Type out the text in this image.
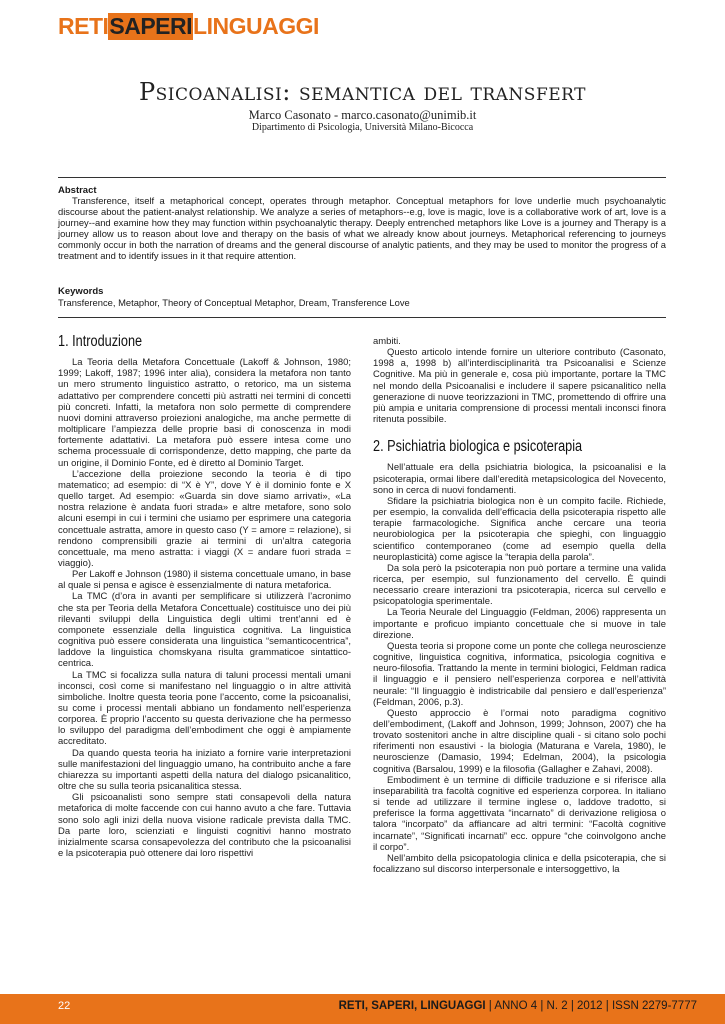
RETI SAPERI LINGUAGGI
Psicoanalisi: semantica del transfert
Marco Casonato - marco.casonato@unimib.it
Dipartimento di Psicologia, Università Milano-Bicocca
Abstract
Transference, itself a metaphorical concept, operates through metaphor. Conceptual metaphors for love underlie much psychoanalytic discourse about the patient-analyst relationship. We analyze a series of metaphors--e.g, love is magic, love is a collaborative work of art, love is a journey--and examine how they may function within psychoanalytic therapy. Deeply entrenched metaphors like Love is a journey and Therapy is a journey allow us to reason about love and therapy on the basis of what we already know about journeys. Metaphorical referencing to journeys commonly occur in both the narration of dreams and the general discourse of analytic patients, and they may be used to monitor the progress of a treatment and to identify issues in it that require attention.
Keywords
Transference, Metaphor, Theory of Conceptual Metaphor, Dream, Transference Love
1. Introduzione

La Teoria della Metafora Concettuale (Lakoff & Johnson, 1980; 1999; Lakoff, 1987; 1996 inter alia), considera la metafora non tanto un mero strumento linguistico astratto, o retorico, ma un sistema adattativo per comprendere concetti più astratti nei termini di concetti più concreti. Infatti, la metafora non solo permette di comprendere nuovi domini attraverso proiezioni analogiche, ma anche permette di moltiplicare l’ampiezza delle proprie basi di conoscenza in modi fortemente adattativi. La metafora può essere intesa come uno schema processuale di corrispondenze, detto mapping, che parte da un origine, il Dominio Fonte, ed è diretto al Dominio Target.

L’accezione della proiezione secondo la teoria è di tipo matematico; ad esempio: di “X è Y”, dove Y è il dominio fonte e X quello target. Ad esempio: «Guarda sin dove siamo arrivati», «La nostra relazione è andata fuori strada» e altre metafore, sono solo alcuni esempi in cui i termini che usiamo per esprimere una categoria concettuale astratta, amore in questo caso (Y = amore = relazione), si rendono comprensibili grazie ai termini di un’altra categoria concettuale, ma meno astratta: i viaggi (X = andare fuori strada = viaggio).

Per Lakoff e Johnson (1980) il sistema concettuale umano, in base al quale si pensa e agisce è essenzialmente di natura metaforica.

La TMC (d’ora in avanti per semplificare si utilizzerà l’acronimo che sta per Teoria della Metafora Concettuale) costituisce uno dei più rilevanti sviluppi della Linguistica degli ultimi trent’anni ed è componete essenziale della linguistica cognitiva. La linguistica cognitiva può essere considerata una linguistica “semanticocentrica”, laddove la linguistica chomskyana risulta grammaticoe sintattico-centrica.

La TMC si focalizza sulla natura di taluni processi mentali umani inconsci, così come si manifestano nel linguaggio o in altre attività simboliche. Inoltre questa teoria pone l’accento, come la psicoanalisi, su come i processi mentali abbiano un fondamento nell’esperienza corporea. È proprio l’accento su questa derivazione che ha permesso lo sviluppo del paradigma dell’embodiment che oggi è ampiamente accreditato.

Da quando questa teoria ha iniziato a fornire varie interpretazioni sulle manifestazioni del linguaggio umano, ha contribuito anche a fare chiarezza su importanti aspetti della natura del dialogo psicanalitico, oltre che su sulla teoria psicanalitica stessa.

Gli psicoanalisti sono sempre stati consapevoli della natura metaforica di molte faccende con cui hanno avuto a che fare. Tuttavia sono solo agli inizi della nuova visione radicale prevista dalla TMC. Da parte loro, scienziati e linguisti cognitivi hanno mostrato inizialmente scarsa consapevolezza del contributo che la psicoanalisi e la psicoterapia può ottenere dai loro rispettivi

ambiti.

Questo articolo intende fornire un ulteriore contributo (Casonato, 1998 a, 1998 b) all’interdisciplinarità tra Psicoanalisi e Scienze Cognitive. Ma più in generale e, cosa più importante, portare la TMC nel mondo della Psicoanalisi e includere il sapere psicanalitico nella generazione di nuove teorizzazioni in TMC, promettendo di offrire una più ampia e unitaria comprensione di processi mentali inconsci finora ritenuta possibile.

2. Psichiatria biologica e psicoterapia

Nell’attuale era della psichiatria biologica, la psicoanalisi e la psicoterapia, ormai libere dall’eredità metapsicologica del Novecento, sono in cerca di nuovi fondamenti.

Sfidare la psichiatria biologica non è un compito facile. Richiede, per esempio, la convalida dell’efficacia della psicoterapia rispetto alle terapie farmacologiche. Significa anche cercare una teoria neurobiologica per la psicoterapia che spieghi, con linguaggio scientifico contemporaneo (come ad esempio quella della neuroplasticità) come agisce la “terapia della parola”.

Da sola però la psicoterapia non può portare a termine una valida ricerca, per esempio, sul funzionamento del cervello. È quindi necessario creare interazioni tra psicoterapia, ricerca sul cervello e psicopatologia sperimentale.

La Teoria Neurale del Linguaggio (Feldman, 2006) rappresenta un importante e proficuo impianto concettuale che si muove in tale direzione.

Questa teoria si propone come un ponte che collega neuroscienze cognitive, linguistica cognitiva, informatica, psicologia cognitiva e neuro-filosofia. Trattando la mente in termini biologici, Feldman radica il linguaggio e il pensiero nell’esperienza corporea e nell’attività neurale: “Il linguaggio è indistricabile dal pensiero e dall’esperienza” (Feldman, 2006, p.3).

Questo approccio è l’ormai noto paradigma cognitivo dell’embodiment, (Lakoff and Johnson, 1999; Johnson, 2007) che ha trovato sostenitori anche in altre discipline quali - si citano solo pochi riferimenti non esaustivi - la biologia (Maturana e Varela, 1980), le neuroscienze (Damasio, 1994; Edelman, 2004), la psicologia cognitiva (Barsalou, 1999) e la filosofia (Gallagher e Zahavi, 2008).

Embodiment è un termine di difficile traduzione e si riferisce alla inseparabilità tra facoltà cognitive ed esperienza corporea. In italiano si tende ad utilizzare il termine inglese o, laddove tradotto, si preferisce la forma aggettivata “incarnato” di derivazione religiosa o talora “incorpato” da affiancare ad altri termini: “Facoltà cognitive incarnate”, “Significati incarnati” ecc. oppure “che coinvolgono anche il corpo”.

Nell’ambito della psicopatologia clinica e della psicoterapia, che si focalizzano sul discorso interpersonale e intersoggettivo, la

22	RETI, SAPERI, LINGUAGGI | ANNO 4 | N. 2 | 2012 | ISSN 2279-7777
